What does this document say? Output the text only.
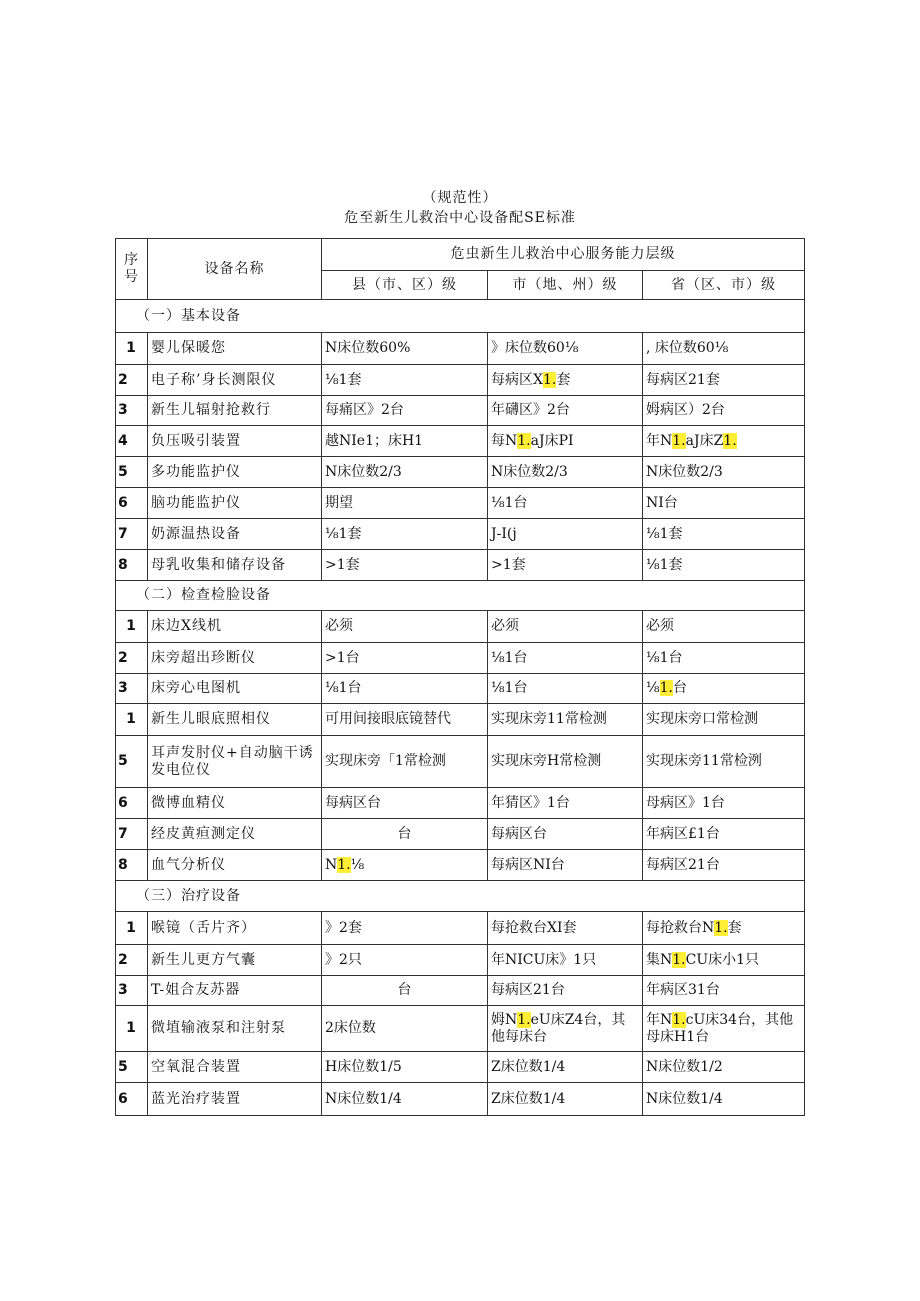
（规范性）
危至新生儿救治中心设备配SE标准
序号	设备名称	危虫新生儿救治中心服务能力层级		
		县（市、区）级	市（地、州）级	省（区、市）级
（一）基本设备				
1	婴儿保暖您	N床位数60%	》床位数60⅛	, 床位数60⅛
2	电子称’身长测限仪	⅛1套	每病区X1.套	每病区21套
3	新生儿辐射抢救行	每痛区》2台	年礴区》2台	姆病区）2台
4	负压吸引装置	越NIe1；床H1	每N1.aJ床PI	年N1.aJ床Z1.
5	多功能监护仪	N床位数2/3	N床位数2/3	N床位数2/3
6	脑功能监护仪	期望	⅛1台	NI台
7	奶源温热设备	⅛1套	J-I(j	⅛1套
8	母乳收集和储存设备	>1套	>1套	⅛1套
（二）检查检脸设备				
1	床边X线机	必须	必须	必须
2	床旁超出珍断仪	>1台	⅛1台	⅛1台
3	床旁心电图机	⅛1台	⅛1台	⅛1.台
1	新生儿眼底照相仪	可用间接眼底镜替代	实现床旁11常检测	实现床旁口常检测
5	耳声发肘仪+自动脑干诱发电位仪	实现床旁「1常检测	实现床旁H常检测	实现床旁11常检洌
6	微博血精仪	每病区台	年猜区》1台	母病区》1台
7	经皮黄疸测定仪	台	每病区台	年病区£1台
8	血气分析仪	N1.⅛	每病区NI台	每病区21台
（三）治疗设备				
1	喉镜（舌片齐）	》2套	每抢救台XI套	每抢救台N1.套
2	新生儿更方气囊	》2只	年NICU床》1只	集N1.CU床小1只
3	T-姐合友苏器	台	每病区21台	年病区31台
1	微埴输液泵和注射泵	2床位数	姆N1.eU床Z4台，其他每床台	年N1.cU床34台，其他母床H1台
5	空氧混合装置	H床位数1/5	Z床位数1/4	N床位数1/2
6	蓝光治疗装置	N床位数1/4	Z床位数1/4	N床位数1/4
